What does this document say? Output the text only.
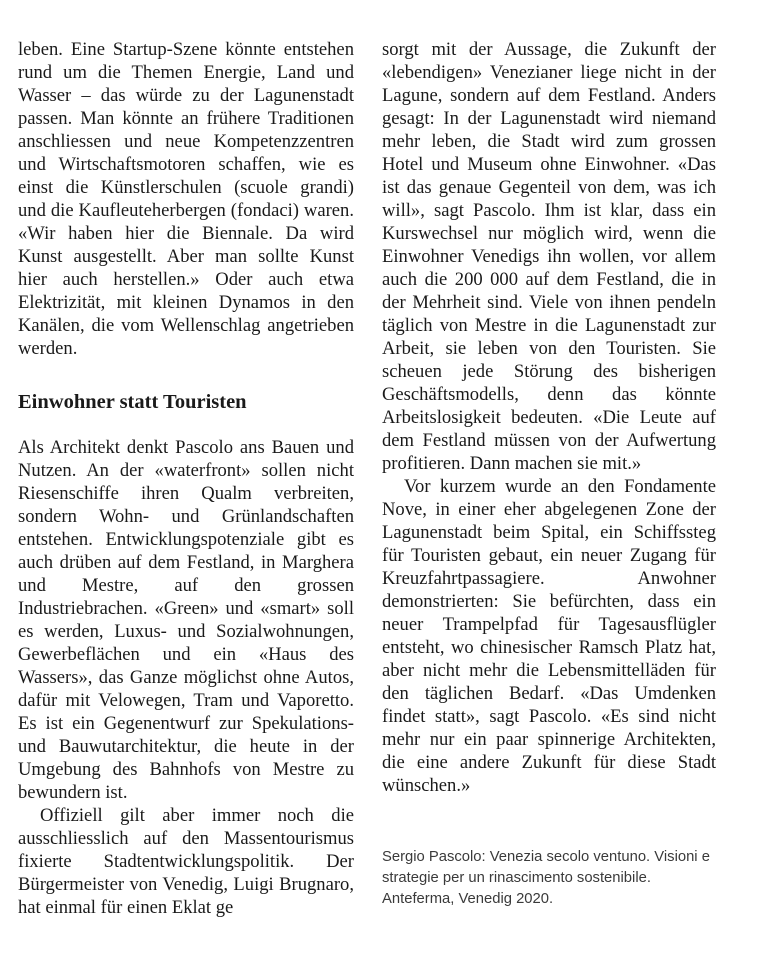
leben. Eine Startup-Szene könnte entstehen rund um die Themen Energie, Land und Wasser – das würde zu der Lagunenstadt passen. Man könnte an frühere Traditionen anschliessen und neue Kompetenzzentren und Wirtschaftsmotoren schaffen, wie es einst die Künstlerschulen (scuole grandi) und die Kaufleuteherbergen (fondaci) waren. «Wir haben hier die Biennale. Da wird Kunst ausgestellt. Aber man sollte Kunst hier auch herstellen.» Oder auch etwa Elektrizität, mit kleinen Dynamos in den Kanälen, die vom Wellenschlag angetrieben werden.

Einwohner statt Touristen

Als Architekt denkt Pascolo ans Bauen und Nutzen. An der «waterfront» sollen nicht Riesenschiffe ihren Qualm verbreiten, sondern Wohn- und Grünlandschaften entstehen. Entwicklungspotenziale gibt es auch drüben auf dem Festland, in Marghera und Mestre, auf den grossen Industriebrachen. «Green» und «smart» soll es werden, Luxus- und Sozialwohnungen, Gewerbeflächen und ein «Haus des Wassers», das Ganze möglichst ohne Autos, dafür mit Velowegen, Tram und Vaporetto. Es ist ein Gegenentwurf zur Spekulations- und Bauwutarchitektur, die heute in der Umgebung des Bahnhofs von Mestre zu bewundern ist.

Offiziell gilt aber immer noch die ausschliesslich auf den Massentourismus fixierte Stadtentwicklungspolitik. Der Bürgermeister von Venedig, Luigi Brugnaro, hat einmal für einen Eklat ge

sorgt mit der Aussage, die Zukunft der «lebendigen» Venezianer liege nicht in der Lagune, sondern auf dem Festland. Anders gesagt: In der Lagunenstadt wird niemand mehr leben, die Stadt wird zum grossen Hotel und Museum ohne Einwohner. «Das ist das genaue Gegenteil von dem, was ich will», sagt Pascolo. Ihm ist klar, dass ein Kurswechsel nur möglich wird, wenn die Einwohner Venedigs ihn wollen, vor allem auch die 200 000 auf dem Festland, die in der Mehrheit sind. Viele von ihnen pendeln täglich von Mestre in die Lagunenstadt zur Arbeit, sie leben von den Touristen. Sie scheuen jede Störung des bisherigen Geschäftsmodells, denn das könnte Arbeitslosigkeit bedeuten. «Die Leute auf dem Festland müssen von der Aufwertung profitieren. Dann machen sie mit.»

Vor kurzem wurde an den Fondamente Nove, in einer eher abgelegenen Zone der Lagunenstadt beim Spital, ein Schiffssteg für Touristen gebaut, ein neuer Zugang für Kreuzfahrtpassagiere. Anwohner demonstrierten: Sie befürchten, dass ein neuer Trampelpfad für Tagesausflügler entsteht, wo chinesischer Ramsch Platz hat, aber nicht mehr die Lebensmittelläden für den täglichen Bedarf. «Das Umdenken findet statt», sagt Pascolo. «Es sind nicht mehr nur ein paar spinnerige Architekten, die eine andere Zukunft für diese Stadt wünschen.»

Sergio Pascolo: Venezia secolo ventuno. Visioni e strategie per un rinascimento sostenibile. Anteferma, Venedig 2020.
